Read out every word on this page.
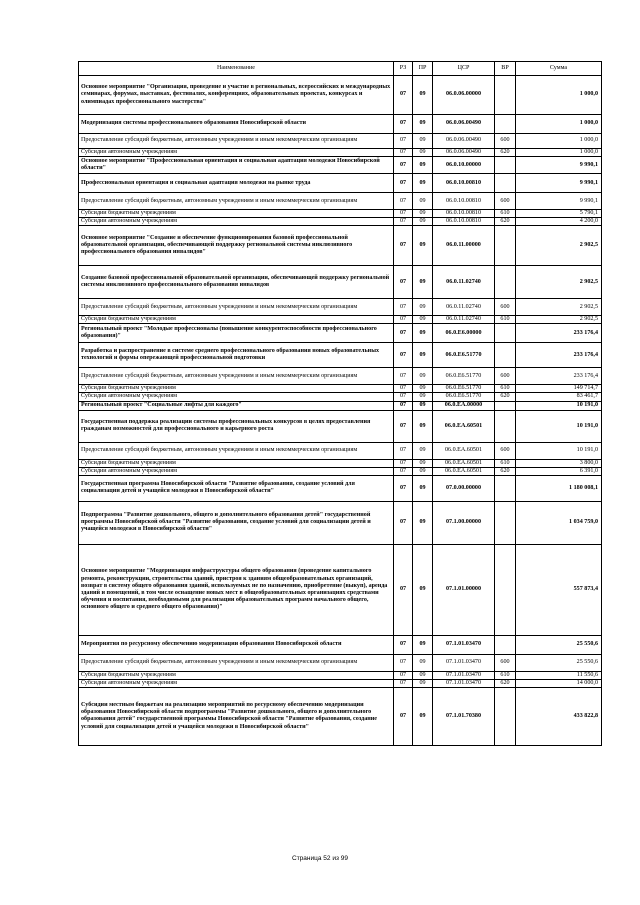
Наименование	РЗ	ПР	ЦСР	ВР	Сумма
Основное мероприятие "Организация, проведение и участие в региональных, всероссийских и международных семинарах, форумах, выставках, фестивалях, конференциях, образовательных проектах, конкурсах и олимпиадах профессионального мастерства"	07	09	06.0.06.00000		1 000,0
Модернизация системы профессионального образования Новосибирской области	07	09	06.0.06.00490		1 000,0
Предоставление субсидий бюджетным, автономным учреждениям и иным некоммерческим организациям	07	09	06.0.06.00490	600	1 000,0
Субсидии автономным учреждениям	07	09	06.0.06.00490	620	1 000,0
Основное мероприятие "Профессиональная ориентация и социальная адаптация молодежи Новосибирской области"	07	09	06.0.10.00000		9 990,1
Профессиональная ориентация и социальная адаптация молодежи на рынке труда	07	09	06.0.10.00810		9 990,1
Предоставление субсидий бюджетным, автономным учреждениям и иным некоммерческим организациям	07	09	06.0.10.00810	600	9 990,1
Субсидии бюджетным учреждениям	07	09	06.0.10.00810	610	5 790,1
Субсидии автономным учреждениям	07	09	06.0.10.00810	620	4 200,0
Основное мероприятие "Создание и обеспечение функционирования базовой профессиональной образовательной организации, обеспечивающей поддержку региональной системы инклюзивного профессионального образования инвалидов"	07	09	06.0.11.00000		2 902,5
Создание базовой профессиональной образовательной организации, обеспечивающей поддержку региональной системы инклюзивного профессионального образования инвалидов	07	09	06.0.11.02740		2 902,5
Предоставление субсидий бюджетным, автономным учреждениям и иным некоммерческим организациям	07	09	06.0.11.02740	600	2 902,5
Субсидии бюджетным учреждениям	07	09	06.0.11.02740	610	2 902,5
Региональный проект "Молодые профессионалы (повышение конкурентоспособности профессионального образования)"	07	09	06.0.E6.00000		233 176,4
Разработка и распространение в системе среднего профессионального образования новых образовательных технологий и формы опережающей профессиональной подготовки	07	09	06.0.E6.51770		233 176,4
Предоставление субсидий бюджетным, автономным учреждениям и иным некоммерческим организациям	07	09	06.0.E6.51770	600	233 176,4
Субсидии бюджетным учреждениям	07	09	06.0.E6.51770	610	149 714,7
Субсидии автономным учреждениям	07	09	06.0.E6.51770	620	83 461,7
Региональный проект "Социальные лифты для каждого"	07	09	06.0.EA.00000		10 191,0
Государственная поддержка реализации системы профессиональных конкурсов в целях предоставления гражданам возможностей для профессионального и карьерного роста	07	09	06.0.EA.60501		10 191,0
Предоставление субсидий бюджетным, автономным учреждениям и иным некоммерческим организациям	07	09	06.0.EA.60501	600	10 191,0
Субсидии бюджетным учреждениям	07	09	06.0.EA.60501	610	3 800,0
Субсидии автономным учреждениям	07	09	06.0.EA.60501	620	6 391,0
Государственная программа Новосибирской области "Развитие образования, создание условий для социализации детей и учащейся молодежи в Новосибирской области"	07	09	07.0.00.00000		1 180 008,1
Подпрограмма "Развитие дошкольного, общего и дополнительного образования детей" государственной программы Новосибирской области "Развитие образования, создание условий для социализации детей и учащейся молодежи в Новосибирской области"	07	09	07.1.00.00000		1 034 759,0
Основное мероприятие "Модернизация инфраструктуры общего образования (проведение капитального ремонта, реконструкции, строительства зданий, пристроя к зданиям общеобразовательных организаций, возврат в систему общего образования зданий, используемых не по назначению, приобретение (выкуп), аренда зданий и помещений, в том числе оснащение новых мест в общеобразовательных организациях средствами обучения и воспитания, необходимыми для реализации образовательных программ начального общего, основного общего и среднего общего образования)"	07	09	07.1.01.00000		557 873,4
Мероприятия по ресурсному обеспечению модернизации образования Новосибирской области	07	09	07.1.01.03470		25 550,6
Предоставление субсидий бюджетным, автономным учреждениям и иным некоммерческим организациям	07	09	07.1.01.03470	600	25 550,6
Субсидии бюджетным учреждениям	07	09	07.1.01.03470	610	11 550,6
Субсидии автономным учреждениям	07	09	07.1.01.03470	620	14 000,0
Субсидии местным бюджетам на реализацию мероприятий по ресурсному обеспечению модернизации образования Новосибирской области подпрограммы "Развитие дошкольного, общего и дополнительного образования детей" государственной программы Новосибирской области "Развитие образования, создание условий для социализации детей и учащейся молодежи в Новосибирской области"	07	09	07.1.01.70380		433 822,8
Страница 52 из 99
